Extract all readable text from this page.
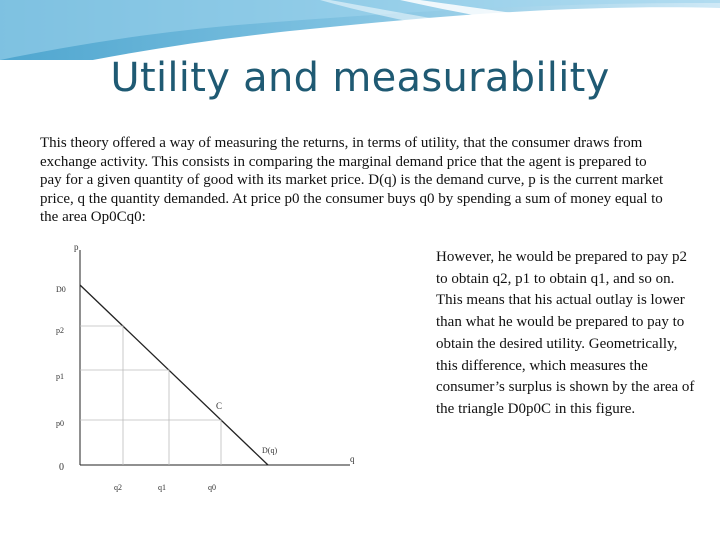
Utility and measurability

This theory offered a way of measuring the returns, in terms of utility, that the consumer draws from exchange activity. This consists in comparing the marginal demand price that the agent is prepared to pay for a given quantity of good with its market price. D(q) is the demand curve, p is the current market price, q the quantity demanded. At price p0 the consumer buys q0 by spending a sum of money equal to the area Op0Cq0:

p
q
0
D0
p2
p1
p0
q2	q1	q0
C
D(q)

However, he would be prepared to pay p2 to obtain q2, p1 to obtain q1, and so on. This means that his actual outlay is lower than what he would be prepared to pay to obtain the desired utility. Geometrically, this difference, which measures the consumer’s surplus is shown by the area of the triangle D0p0C in this figure.
